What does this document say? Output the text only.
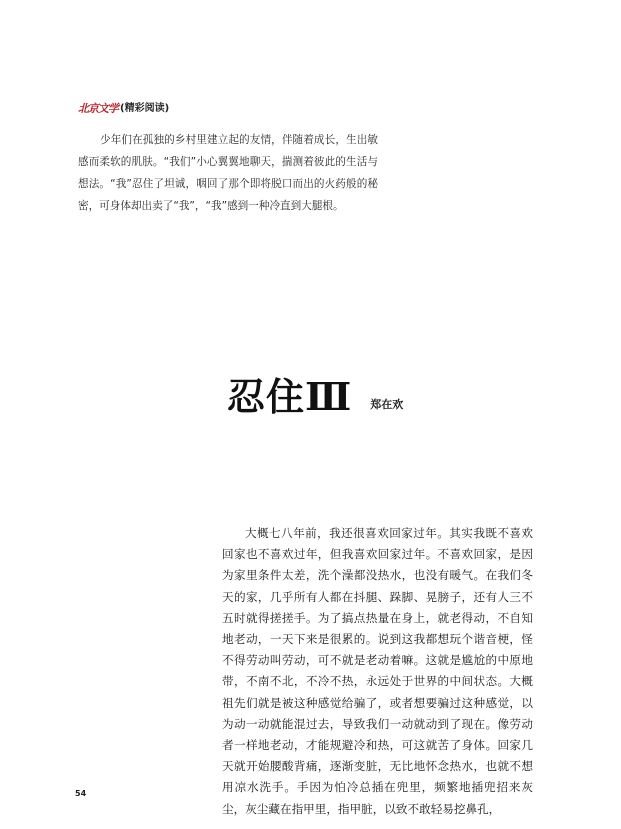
北京文学 (精彩阅读)

少年们在孤独的乡村里建立起的友情，伴随着成长，生出敏感而柔软的肌肤。“我们”小心翼翼地聊天，揣测着彼此的生活与想法。“我”忍住了坦诚，咽回了那个即将脱口而出的火药般的秘密，可身体却出卖了“我”，“我”感到一种冷直到大腿根。

忍住Ⅲ 郑在欢

大概七八年前，我还很喜欢回家过年。其实我既不喜欢回家也不喜欢过年，但我喜欢回家过年。不喜欢回家，是因为家里条件太差，洗个澡都没热水，也没有暖气。在我们冬天的家，几乎所有人都在抖腿、跺脚、晃膀子，还有人三不五时就得搓搓手。为了搞点热量在身上，就老得动，不自知地老动，一天下来是很累的。说到这我都想玩个谐音梗，怪不得劳动叫劳动，可不就是老动着嘛。这就是尴尬的中原地带，不南不北，不冷不热，永远处于世界的中间状态。大概祖先们就是被这种感觉给骗了，或者想要骗过这种感觉，以为动一动就能混过去，导致我们一动就动到了现在。像劳动者一样地老动，才能规避冷和热，可这就苦了身体。回家几天就开始腰酸背痛，逐渐变脏，无比地怀念热水，也就不想用凉水洗手。手因为怕冷总插在兜里，频繁地插兜招来灰尘，灰尘藏在指甲里，指甲脏，以致不敢轻易挖鼻孔，

54
